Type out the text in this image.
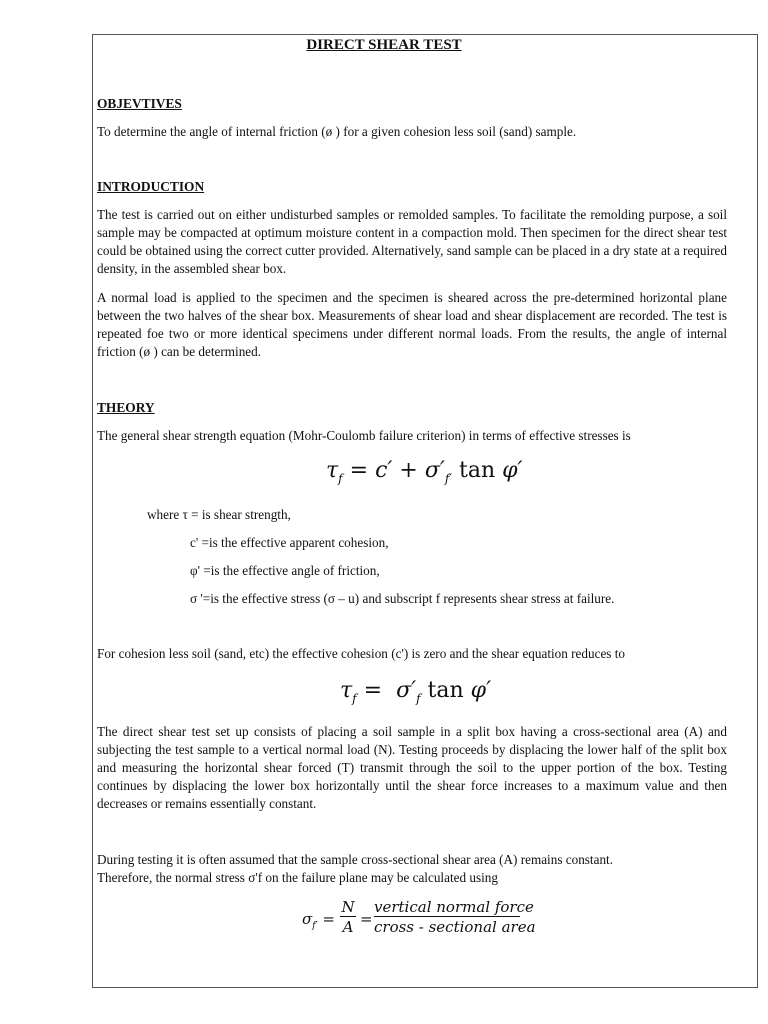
DIRECT SHEAR TEST
OBJEVTIVES
To determine the angle of internal friction (ø ) for a given cohesion less soil (sand) sample.
INTRODUCTION
The test is carried out on either undisturbed samples or remolded samples. To facilitate the remolding purpose, a soil sample may be compacted at optimum moisture content in a compaction mold. Then specimen for the direct shear test could be obtained using the correct cutter provided. Alternatively, sand sample can be placed in a dry state at a required density, in the assembled shear box.
A normal load is applied to the specimen and the specimen is sheared across the pre-determined horizontal plane between the two halves of the shear box. Measurements of shear load and shear displacement are recorded. The test is repeated foe two or more identical specimens under different normal loads. From the results, the angle of internal friction (ø ) can be determined.
THEORY
The general shear strength equation (Mohr-Coulomb failure criterion) in terms of effective stresses is
$\tau_f = c' + \sigma'_{f'}$ tan φ′
where τ = is shear strength,
c' =is the effective apparent cohesion,
φ' =is the effective angle of friction,
σ '=is the effective stress (σ – u) and subscript f represents shear stress at failure.
For cohesion less soil (sand, etc) the effective cohesion (c') is zero and the shear equation reduces to
$\tau_f = \sigma'_f$ tan φ′
The direct shear test set up consists of placing a soil sample in a split box having a cross-sectional area (A) and subjecting the test sample to a vertical normal load (N). Testing proceeds by displacing the lower half of the split box and measuring the horizontal shear forced (T) transmit through the soil to the upper portion of the box. Testing continues by displacing the lower box horizontally until the shear force increases to a maximum value and then decreases or remains essentially constant.
During testing it is often assumed that the sample cross-sectional shear area (A) remains constant.
Therefore, the normal stress σ'f on the failure plane may be calculated using
$\sigma_{f'}$ =
N
A =
vertical normal force
cross - sectional area
